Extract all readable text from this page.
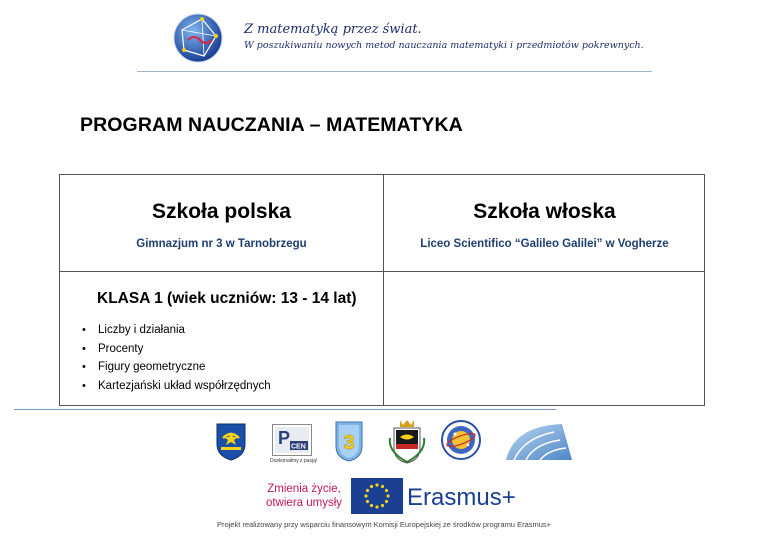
Z matematyką przez świat.
W poszukiwaniu nowych metod nauczania matematyki i przedmiotów pokrewnych.
PROGRAM NAUCZANIA – MATEMATYKA
Szkoła polska	Szkoła włoska
Gimnazjum nr 3 w Tarnobrzegu	Liceo Scientifico “Galileo Galilei” w Vogherze
KLASA 1 (wiek uczniów: 13 - 14 lat)
• Liczby i działania
• Procenty
• Figury geometryczne
• Kartezjański układ współrzędnych
P CEN
Doskonalimy z pasją!
3
Zmienia życie,
otwiera umysły	Erasmus+
Projekt realizowany przy wsparciu finansowym Komisji Europejskiej ze środków programu Erasmus+
